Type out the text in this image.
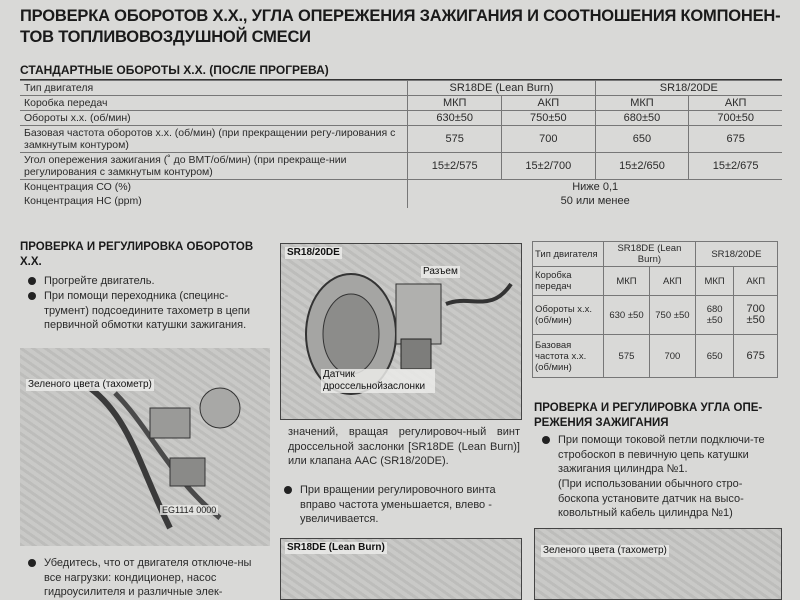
ПРОВЕРКА ОБОРОТОВ Х.Х., УГЛА ОПЕРЕЖЕНИЯ ЗАЖИГАНИЯ И СООТНОШЕНИЯ КОМПОНЕН-ТОВ ТОПЛИВОВОЗДУШНОЙ СМЕСИ
СТАНДАРТНЫЕ ОБОРОТЫ Х.Х. (ПОСЛЕ ПРОГРЕВА)
Тип двигателя	SR18DE (Lean Burn)		SR18/20DE	
Коробка передач	МКП	АКП	МКП	АКП
Обороты х.х. (об/мин)	630±50	750±50	680±50	700±50
Базовая частота оборотов х.х. (об/мин) (при прекращении регу-лирования с замкнутым контуром)	575	700	650	675
Угол опережения зажигания (˚ до ВМТ/об/мин) (при прекраще-нии регулирования с замкнутым контуром)	15±2/575	15±2/700	15±2/650	15±2/675
Концентрация СО (%)	Ниже 0,1			
Концентрация НС (ppm)	50 или менее			
ПРОВЕРКА И РЕГУЛИРОВКА ОБОРОТОВ Х.Х.
Прогрейте двигатель.
При помощи переходника (специнс-трумент) подсоедините тахометр в цепи первичной обмотки катушки зажигания.
Зеленого цвета (тахометр)
EG1114 0000
Убедитесь, что от двигателя отключе-ны все нагрузки: кондиционер, насос гидроусилителя и различные элек-
SR18/20DE
Разъем
Датчик дроссельнойзаслонки
значений, вращая регулировоч-ный винт дроссельной заслонки [SR18DE (Lean Burn)] или клапана AAC (SR18/20DE).
При вращении регулировочного винта вправо частота уменьшается, влево - увеличивается.
SR18DE (Lean Burn)
Тип двигателя	SR18DE (Lean Burn)		SR18/20DE	
Коробка передач	МКП	АКП	МКП	АКП
Обороты х.х. (об/мин)	630 ±50	750 ±50	680 ±50	700 ±50
Базовая частота х.х. (об/мин)	575	700	650	675
ПРОВЕРКА И РЕГУЛИРОВКА УГЛА ОПЕ-РЕЖЕНИЯ ЗАЖИГАНИЯ
При помощи токовой петли подключи-те стробоскоп в певичную цепь катушки зажигания цилиндра №1.
(При использовании обычного стро-боскопа установите датчик на высо-ковольтный кабель цилиндра №1)
Зеленого цвета (тахометр)
